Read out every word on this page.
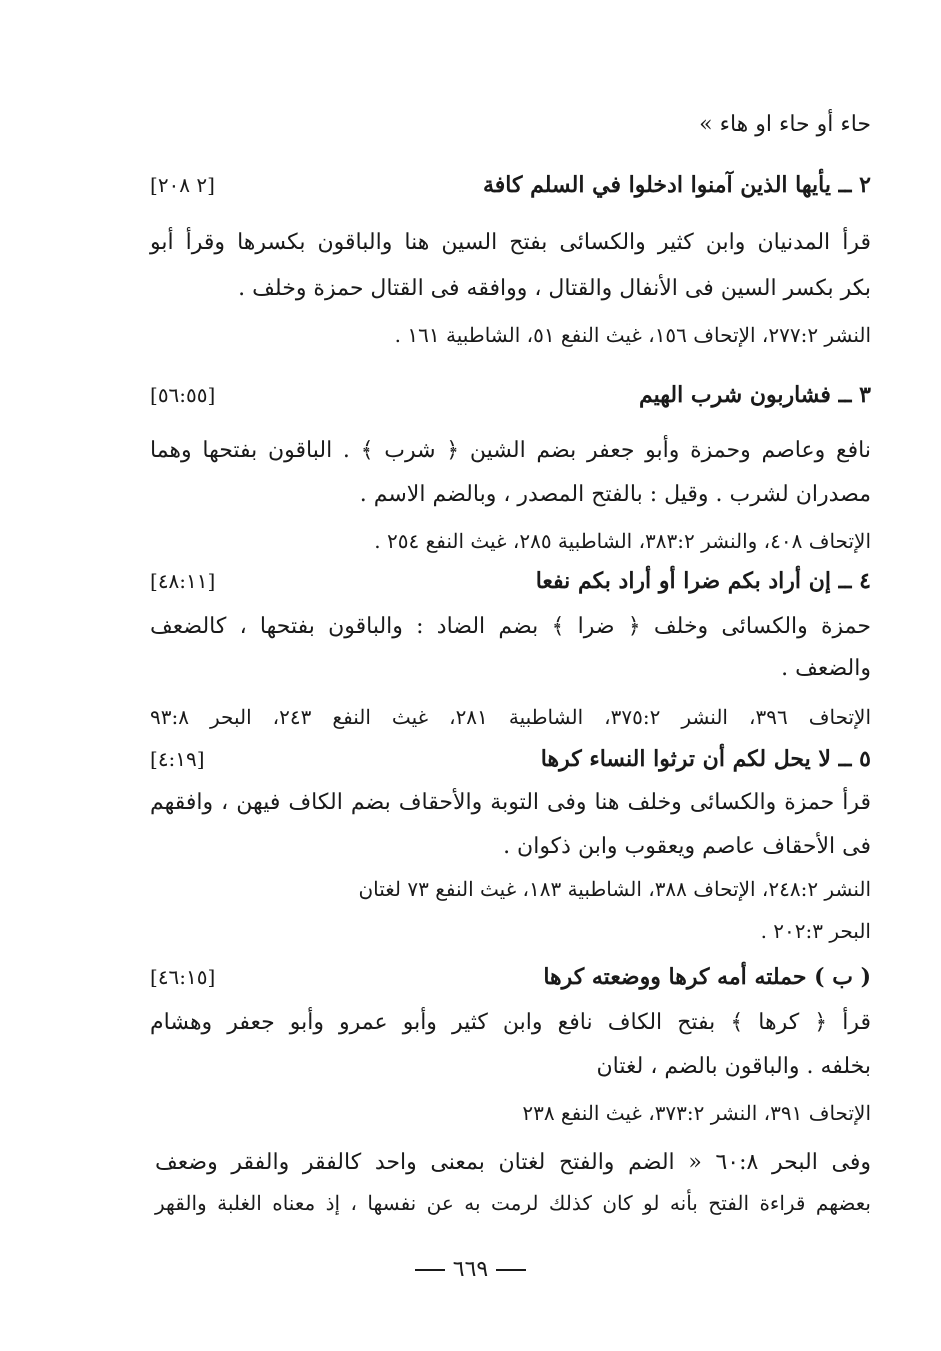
حاء أو حاء او هاء »
٢ ــ يأيها الذين آمنوا ادخلوا في السلم كافة
[٢ ٢٠٨]
قرأ المدنيان وابن كثير والكسائى بفتح السين هنا والباقون بكسرها وقرأ أبو
بكر بكسر السين فى الأنفال والقتال ، ووافقه فى القتال حمزة وخلف .
النشر ٢٧٧:٢، الإتحاف ١٥٦، غيث النفع ٥١، الشاطبية ١٦١ .
٣ ــ فشاربون شرب الهيم
[٥٦:٥٥]
نافع وعاصم وحمزة وأبو جعفر بضم الشين ﴿ شرب ﴾ . الباقون بفتحها وهما
مصدران لشرب . وقيل : بالفتح المصدر ، وبالضم الاسم .
الإتحاف ٤٠٨، والنشر ٣٨٣:٢، الشاطبية ٢٨٥، غيث النفع ٢٥٤ .
٤ ــ إن أراد بكم ضرا أو أراد بكم نفعا
[٤٨:١١]
حمزة والكسائى وخلف ﴿ ضرا ﴾ بضم الضاد : والباقون بفتحها ، كالضعف
والضعف .
الإتحاف ٣٩٦، النشر ٣٧٥:٢، الشاطبية ٢٨١، غيث النفع ٢٤٣، البحر ٩٣:٨
٥ ــ لا يحل لكم أن ترثوا النساء كرها
[٤:١٩]
قرأ حمزة والكسائى وخلف هنا وفى التوبة والأحقاف بضم الكاف فيهن ، وافقهم
فى الأحقاف عاصم ويعقوب وابن ذكوان .
النشر ٢٤٨:٢، الإتحاف ٣٨٨، الشاطبية ١٨٣، غيث النفع ٧٣ لغتان
البحر ٢٠٢:٣ .
( ب ) حملته أمه كرها ووضعته كرها
[٤٦:١٥]
قرأ ﴿ كرها ﴾ بفتح الكاف نافع وابن كثير وأبو عمرو وأبو جعفر وهشام
بخلفه . والباقون بالضم ، لغتان
الإتحاف ٣٩١، النشر ٣٧٣:٢، غيث النفع ٢٣٨
وفى البحر ٦٠:٨ « الضم والفتح لغتان بمعنى واحد كالفقر والفقر وضعف
بعضهم قراءة الفتح بأنه لو كان كذلك لرمت به عن نفسها ، إذ معناه الغلبة والقهر
٦٦٩
